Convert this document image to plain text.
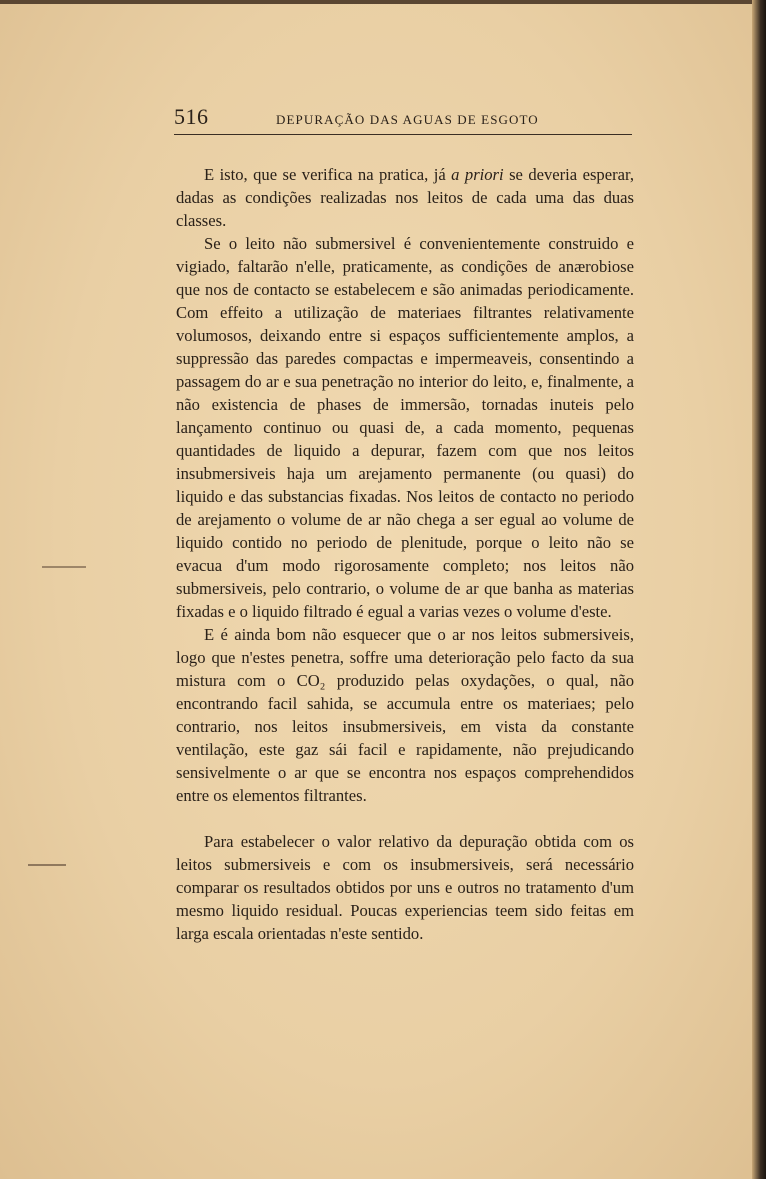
516	DEPURAÇÃO DAS AGUAS DE ESGOTO

E isto, que se verifica na pratica, já a priori se deveria esperar, dadas as condições realizadas nos leitos de cada uma das duas classes.

Se o leito não submersivel é convenientemente construido e vigiado, faltarão n'elle, praticamente, as condições de anærobiose que nos de contacto se estabelecem e são animadas periodicamente. Com effeito a utilização de materiaes filtrantes relativamente volumosos, deixando entre si espaços sufficientemente amplos, a suppressão das paredes compactas e impermeaveis, consentindo a passagem do ar e sua penetração no interior do leito, e, finalmente, a não existencia de phases de immersão, tornadas inuteis pelo lançamento continuo ou quasi de, a cada momento, pequenas quantidades de liquido a depurar, fazem com que nos leitos insubmersiveis haja um arejamento permanente (ou quasi) do liquido e das substancias fixadas. Nos leitos de contacto no periodo de arejamento o volume de ar não chega a ser egual ao volume de liquido contido no periodo de plenitude, porque o leito não se evacua d'um modo rigorosamente completo; nos leitos não submersiveis, pelo contrario, o volume de ar que banha as materias fixadas e o liquido filtrado é egual a varias vezes o volume d'este.

E é ainda bom não esquecer que o ar nos leitos submersiveis, logo que n'estes penetra, soffre uma deterioração pelo facto da sua mistura com o CO₂ produzido pelas oxydações, o qual, não encontrando facil sahida, se accumula entre os materiaes; pelo contrario, nos leitos insubmersiveis, em vista da constante ventilação, este gaz sái facil e rapidamente, não prejudicando sensivelmente o ar que se encontra nos espaços comprehendidos entre os elementos filtrantes.

Para estabelecer o valor relativo da depuração obtida com os leitos submersiveis e com os insubmersiveis, será necessário comparar os resultados obtidos por uns e outros no tratamento d'um mesmo liquido residual. Poucas experiencias teem sido feitas em larga escala orientadas n'este sentido.
